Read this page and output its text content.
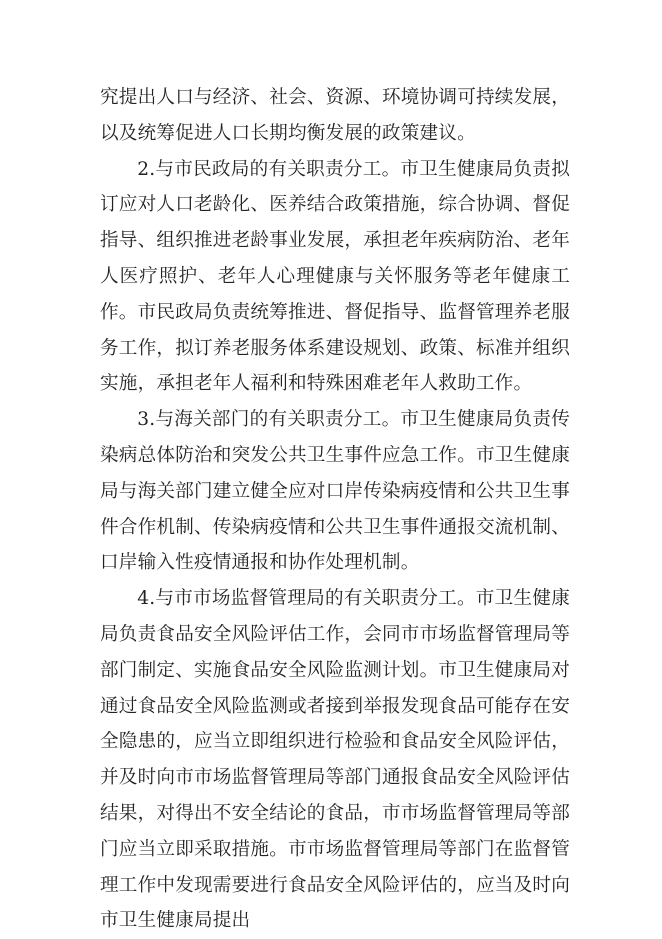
究提出人口与经济、社会、资源、环境协调可持续发展，以及统筹促进人口长期均衡发展的政策建议。

2.与市民政局的有关职责分工。市卫生健康局负责拟订应对人口老龄化、医养结合政策措施，综合协调、督促指导、组织推进老龄事业发展，承担老年疾病防治、老年人医疗照护、老年人心理健康与关怀服务等老年健康工作。市民政局负责统筹推进、督促指导、监督管理养老服务工作，拟订养老服务体系建设规划、政策、标准并组织实施，承担老年人福利和特殊困难老年人救助工作。

3.与海关部门的有关职责分工。市卫生健康局负责传染病总体防治和突发公共卫生事件应急工作。市卫生健康局与海关部门建立健全应对口岸传染病疫情和公共卫生事件合作机制、传染病疫情和公共卫生事件通报交流机制、口岸输入性疫情通报和协作处理机制。

4.与市市场监督管理局的有关职责分工。市卫生健康局负责食品安全风险评估工作，会同市市场监督管理局等部门制定、实施食品安全风险监测计划。市卫生健康局对通过食品安全风险监测或者接到举报发现食品可能存在安全隐患的，应当立即组织进行检验和食品安全风险评估，并及时向市市场监督管理局等部门通报食品安全风险评估结果，对得出不安全结论的食品，市市场监督管理局等部门应当立即采取措施。市市场监督管理局等部门在监督管理工作中发现需要进行食品安全风险评估的，应当及时向市卫生健康局提出
